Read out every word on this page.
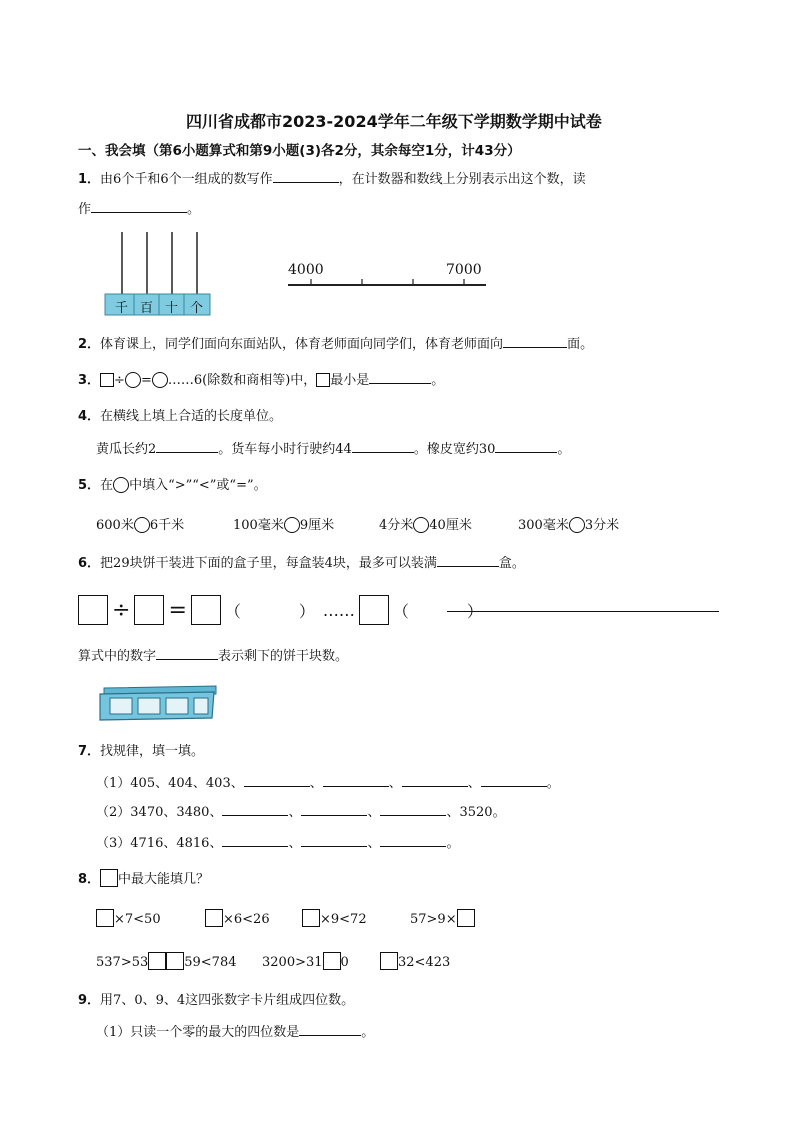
四川省成都市2023-2024学年二年级下学期数学期中试卷
一、我会填（第6小题算式和第9小题(3)各2分，其余每空1分，计43分）
1．由6个千和6个一组成的数写作	，在计数器和数线上分别表示出这个数，读
作	。
千 百 十 个
4000	7000
2．体育课上，同学们面向东面站队，体育老师面向同学们，体育老师面向	面。
3． ÷ = ……6(除数和商相等)中， 最小是	。
4．在横线上填上合适的长度单位。
黄瓜长约2	。货车每小时行驶约44	。橡皮宽约30	。
5．在 中填入“>”“<”或“=”。
600米 6千米	100毫米 9厘米	4分米 40厘米	300毫米 3分米
6．把29块饼干装进下面的盒子里，每盒装4块，最多可以装满	盒。
÷ = （	） …… （	）
算式中的数字	表示剩下的饼干块数。
7．找规律，填一填。
（1）405、404、403、	、	、	、	。
（2）3470、3480、	、	、	、3520。
（3）4716、4816、	、	、	。
8． 中最大能填几？
×7<50	×6<26	×9<72	57>9×
537>53	59<784 3200>31 0	32<423
9．用7、0、9、4这四张数字卡片组成四位数。
（1）只读一个零的最大的四位数是	。
